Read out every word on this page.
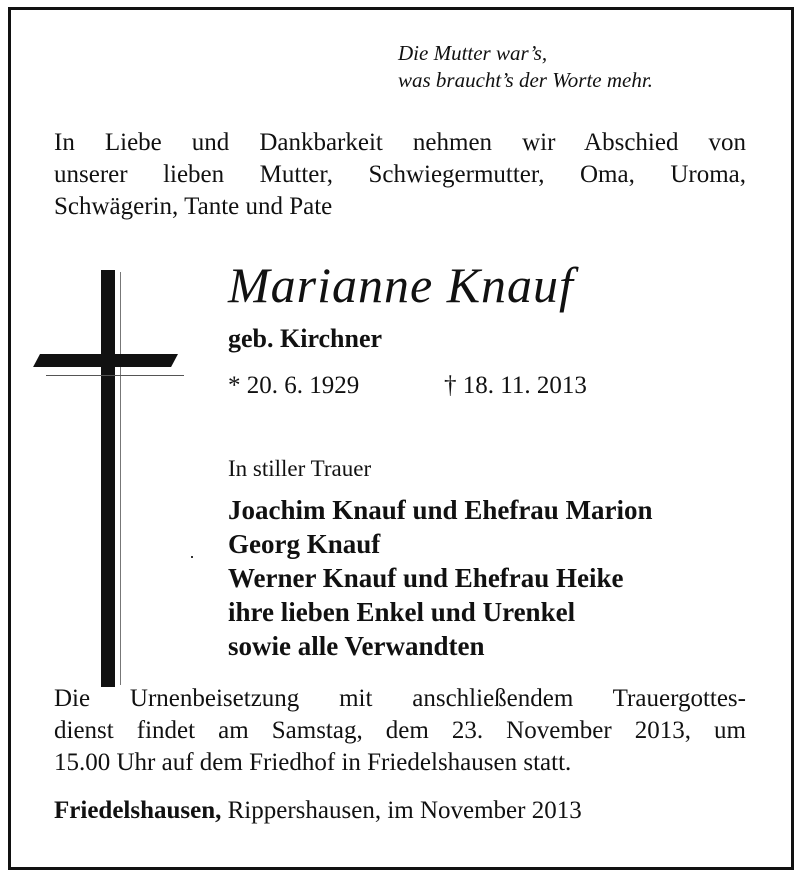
Die Mutter war’s,
was braucht’s der Worte mehr.
In Liebe und Dankbarkeit nehmen wir Abschied von
unserer lieben Mutter, Schwiegermutter, Oma, Uroma,
Schwägerin, Tante und Pate
Marianne Knauf
geb. Kirchner
* 20. 6. 1929	† 18. 11. 2013
In stiller Trauer
Joachim Knauf und Ehefrau Marion
Georg Knauf
Werner Knauf und Ehefrau Heike
ihre lieben Enkel und Urenkel
sowie alle Verwandten
Die Urnenbeisetzung mit anschließendem Trauergottes-
dienst findet am Samstag, dem 23. November 2013, um
15.00 Uhr auf dem Friedhof in Friedelshausen statt.
Friedelshausen, Rippershausen, im November 2013
